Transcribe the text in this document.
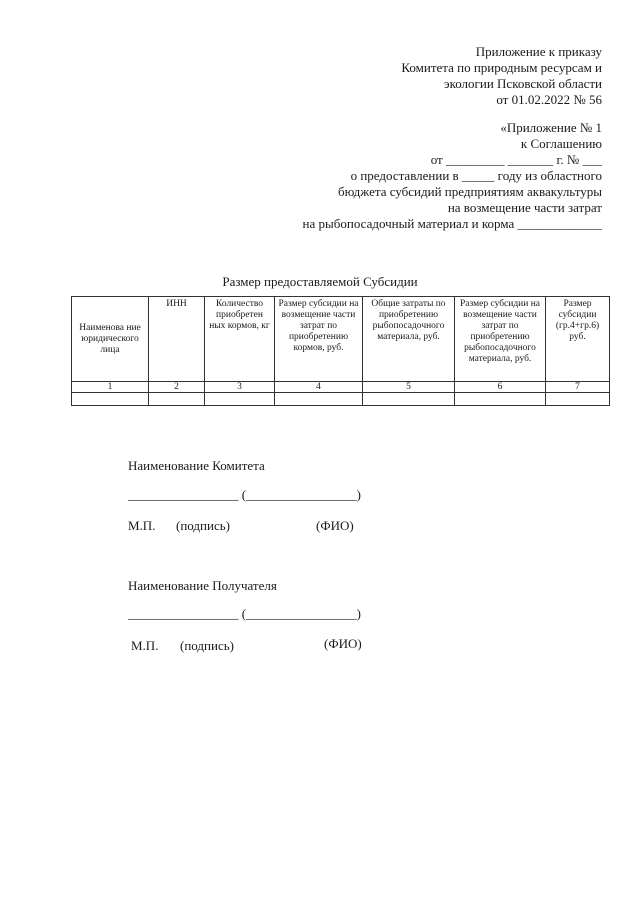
Приложение к приказу
Комитета по природным ресурсам и
экологии Псковской области
от 01.02.2022 № 56
«Приложение № 1
к Соглашению
от _________ _______ г. № ___
о предоставлении в _____ году из областного
бюджета субсидий предприятиям аквакультуры
на возмещение части затрат
на рыбопосадочный материал и корма _____________
Размер предоставляемой Субсидии
Наименова ние юридического лица	ИНН	Количество приобретен ных кормов, кг	Размер субсидии на возмещение части затрат по приобретению кормов, руб.	Общие затраты по приобретению рыбопосадочного материала, руб.	Размер субсидии на возмещение части затрат по приобретению рыбопосадочного материала, руб.	Размер субсидии (гр.4+гр.6) руб.
1	2	3	4	5	6	7

Наименование Комитета
_________________ (_________________)
М.П. (подпись)	(ФИО)
Наименование Получателя
_________________ (_________________)
М.П. (подпись)	(ФИО)
